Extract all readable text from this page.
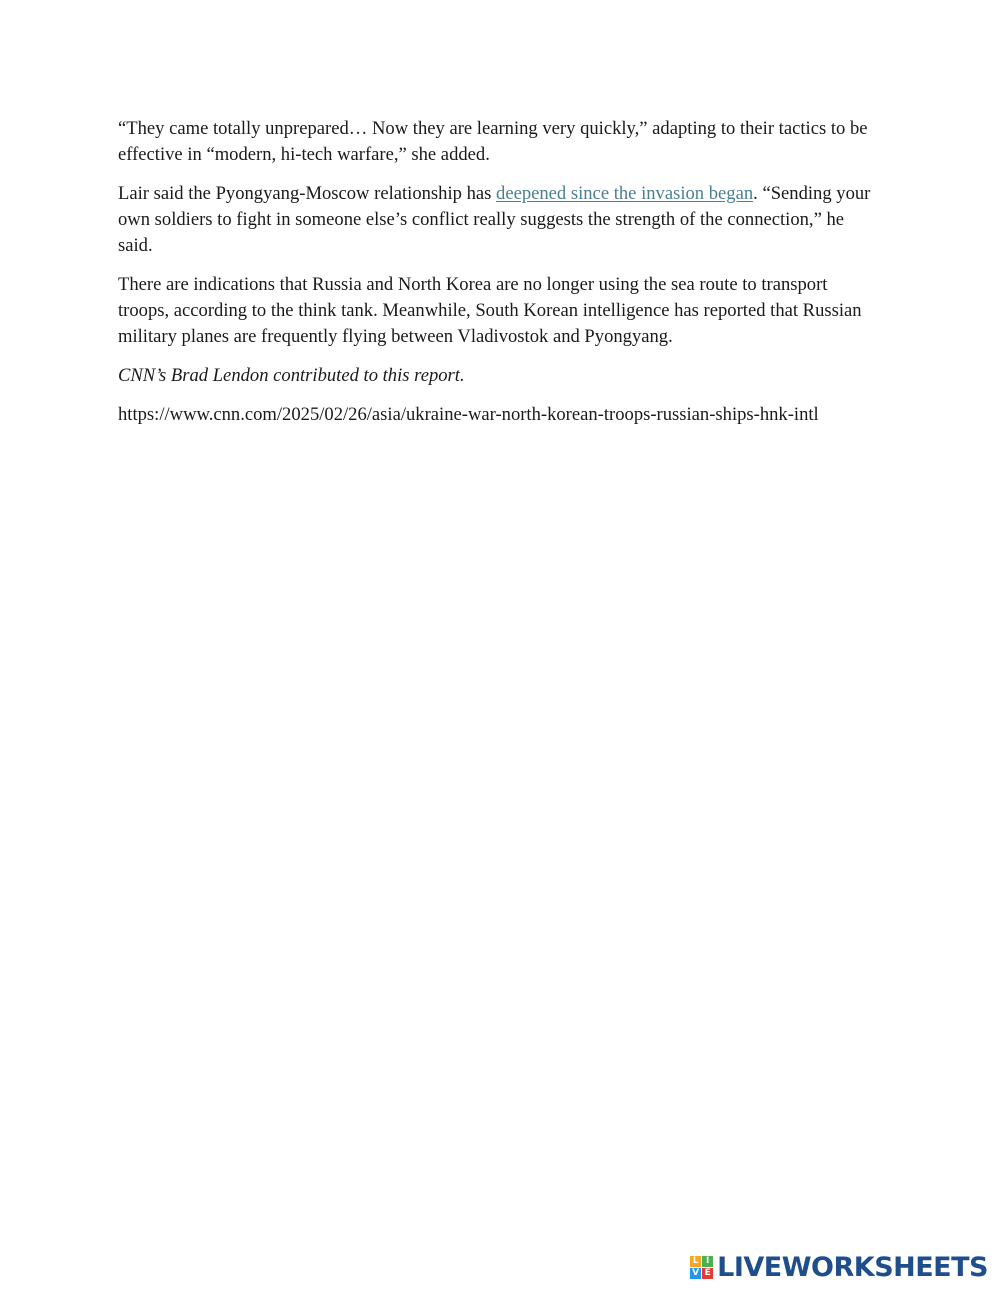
“They came totally unprepared… Now they are learning very quickly,” adapting to their tactics to be effective in “modern, hi-tech warfare,” she added.

Lair said the Pyongyang-Moscow relationship has deepened since the invasion began. “Sending your own soldiers to fight in someone else’s conflict really suggests the strength of the connection,” he said.

There are indications that Russia and North Korea are no longer using the sea route to transport troops, according to the think tank. Meanwhile, South Korean intelligence has reported that Russian military planes are frequently flying between Vladivostok and Pyongyang.

CNN’s Brad Lendon contributed to this report.

https://www.cnn.com/2025/02/26/asia/ukraine-war-north-korean-troops-russian-ships-hnk-intl

L I
V E LIVEWORKSHEETS
